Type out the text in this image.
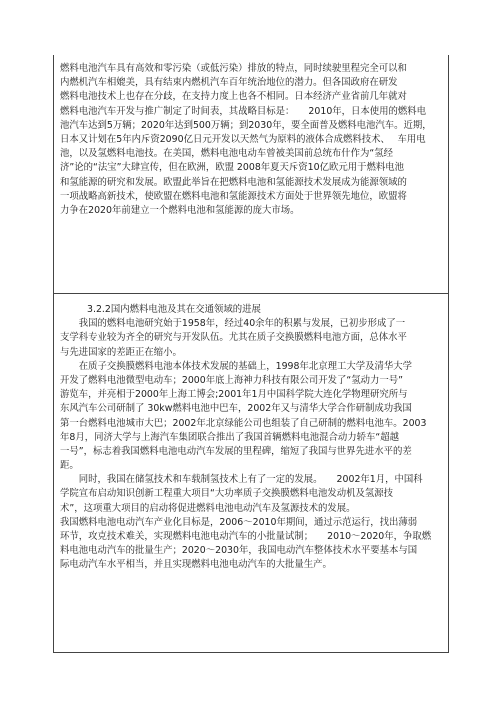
燃料电池汽车具有高效和零污染（或低污染）排放的特点，同时续驶里程完全可以和
内燃机汽车相媲美，具有结束内燃机汽车百年统治地位的潜力。但各国政府在研发
燃料电池技术上也存在分歧，在支持力度上也各不相同。日本经济产业省前几年就对
燃料电池汽车开发与推广制定了时间表，其战略目标是：　　2010年，日本使用的燃料电
池汽车达到5万辆；2020年达到500万辆；到2030年，要全面普及燃料电池汽车。近期，
日本又计划在5年内斥资2090亿日元开发以天然气为原料的液体合成燃料技术、　 车用电
池，以及氢燃料电池技。在美国，燃料电池电动车曾被美国前总统布什作为“氢经
济”论的“法宝”大肆宣传，但在欧洲，欧盟 2008年夏天斥资10亿欧元用于燃料电池
和氢能源的研究和发展。欧盟此举旨在把燃料电池和氢能源技术发展成为能源领域的
一项战略高新技术，使欧盟在燃料电池和氢能源技术方面处于世界领先地位，欧盟将
力争在2020年前建立一个燃料电池和氢能源的庞大市场。
3.2.2国内燃料电池及其在交通领域的进展
　　我国的燃料电池研究始于1958年，经过40余年的积累与发展，已初步形成了一
支学科专业较为齐全的研究与开发队伍。尤其在质子交换膜燃料电池方面，总体水平
与先进国家的差距正在缩小。
　　在质子交换膜燃料电池本体技术发展的基础上，1998年北京理工大学及清华大学
开发了燃料电池微型电动车；2000年底上海神力科技有限公司开发了“氢动力一号”
游览车，并亮相于2000年上海工博会;2001年1月中国科学院大连化学物理研究所与
东风汽车公司研制了 30kw燃料电池中巴车，2002年又与清华大学合作研制成功我国
第一台燃料电池城市大巴；2002年北京绿能公司也组装了自己研制的燃料电池车。2003
年8月，同济大学与上海汽车集团联合推出了我国首辆燃料电池混合动力轿车“超越
一号”，标志着我国燃料电池电动汽车发展的里程碑，缩短了我国与世界先进水平的差
距。
　　同时，我国在储氢技术和车载制氢技术上有了一定的发展。　　2002年1月，中国科
学院宣布启动知识创新工程重大项目“大功率质子交换膜燃料电池发动机及氢源技
术”，这项重大项目的启动将促进燃料电池电动汽车及氢源技术的发展。
我国燃料电池电动汽车产业化目标是，2006～2010年期间，通过示范运行，找出薄弱
环节，攻克技术难关，实现燃料电池电动汽车的小批量试制；　　2010～2020年，争取燃
料电池电动汽车的批量生产；2020～2030年，我国电动汽车整体技术水平要基本与国
际电动汽车水平相当，并且实现燃料电池电动汽车的大批量生产。
